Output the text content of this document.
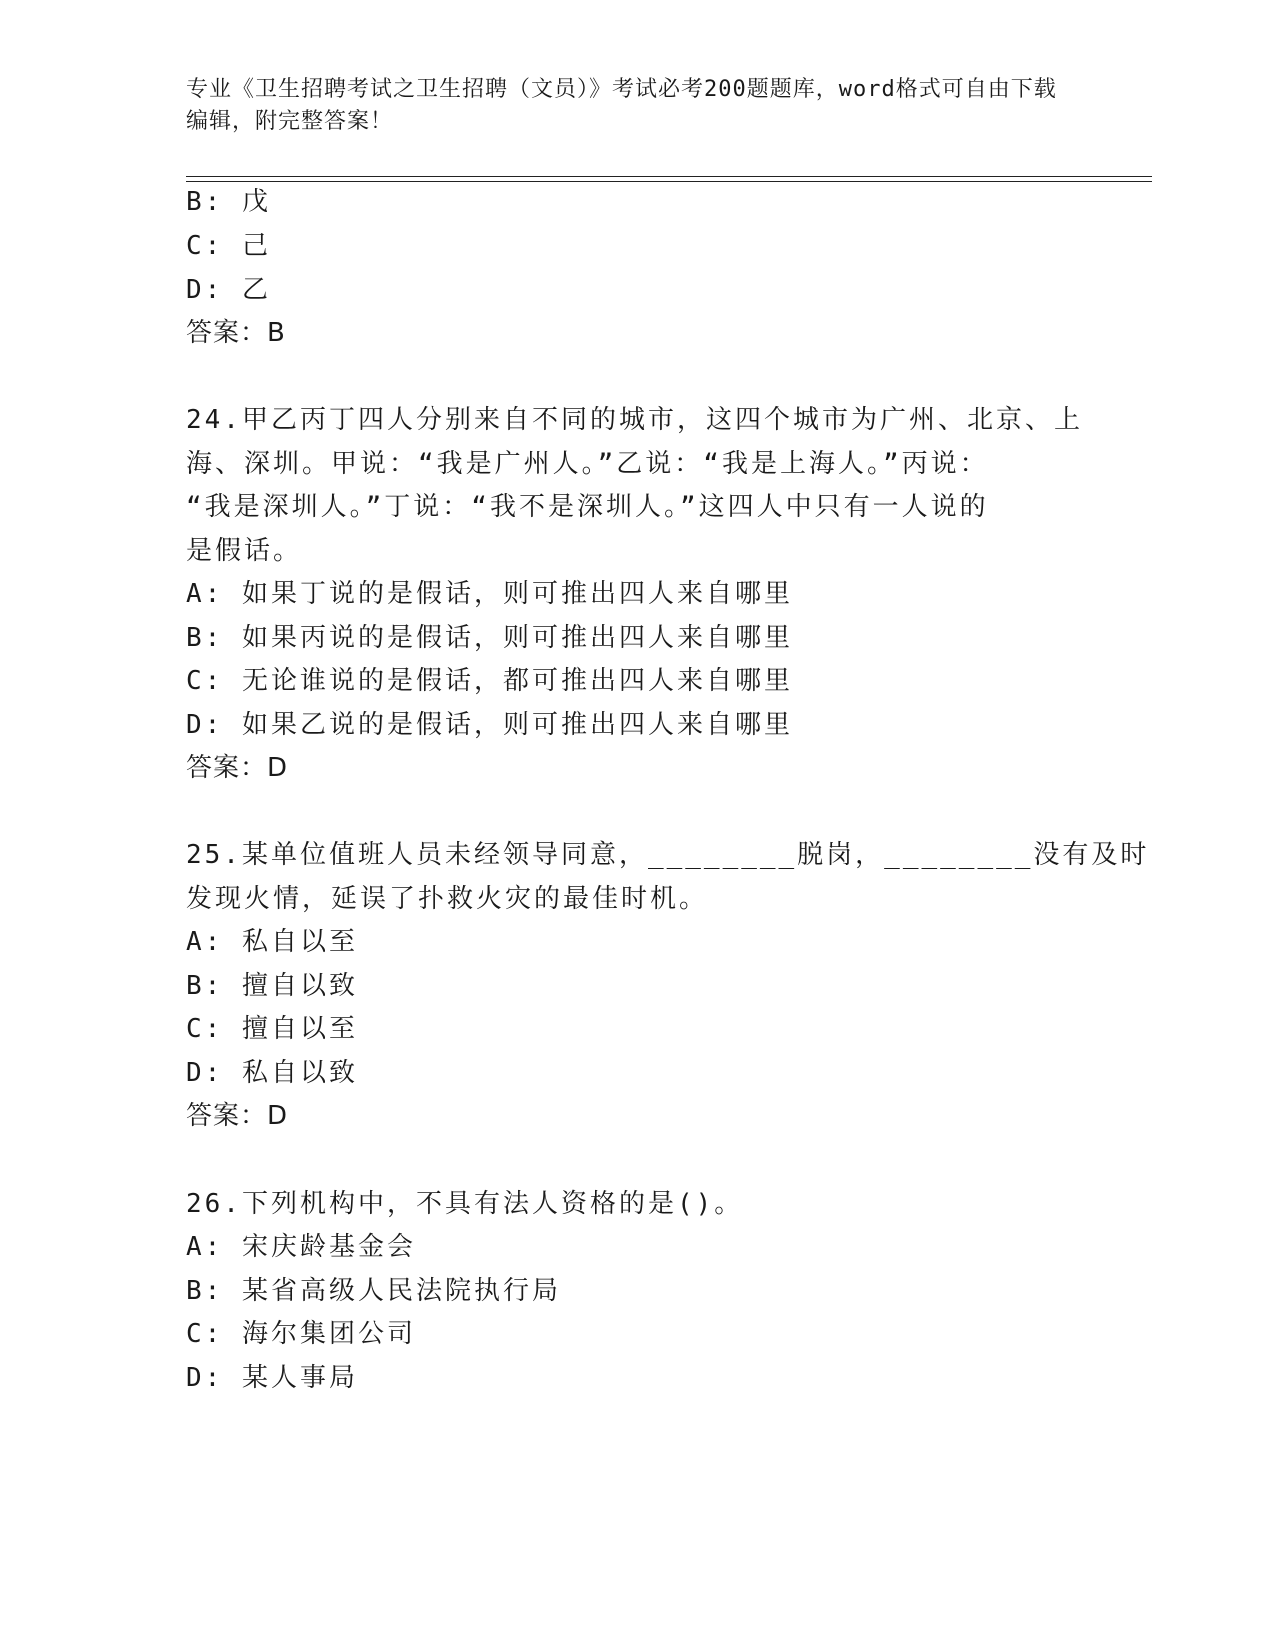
专业《卫生招聘考试之卫生招聘（文员）》考试必考200题题库，word格式可自由下载编辑，附完整答案！
B: 戊
C: 己
D: 乙
答案：B
24.甲乙丙丁四人分别来自不同的城市，这四个城市为广州、北京、上
海、深圳。甲说：“我是广州人。”乙说：“我是上海人。”丙说：
“我是深圳人。”丁说：“我不是深圳人。”这四人中只有一人说的
是假话。
A: 如果丁说的是假话，则可推出四人来自哪里
B: 如果丙说的是假话，则可推出四人来自哪里
C: 无论谁说的是假话，都可推出四人来自哪里
D: 如果乙说的是假话，则可推出四人来自哪里
答案：D
25.某单位值班人员未经领导同意，________脱岗，________没有及时
发现火情，延误了扑救火灾的最佳时机。
A: 私自以至
B: 擅自以致
C: 擅自以至
D: 私自以致
答案：D
26.下列机构中，不具有法人资格的是()。
A: 宋庆龄基金会
B: 某省高级人民法院执行局
C: 海尔集团公司
D: 某人事局
